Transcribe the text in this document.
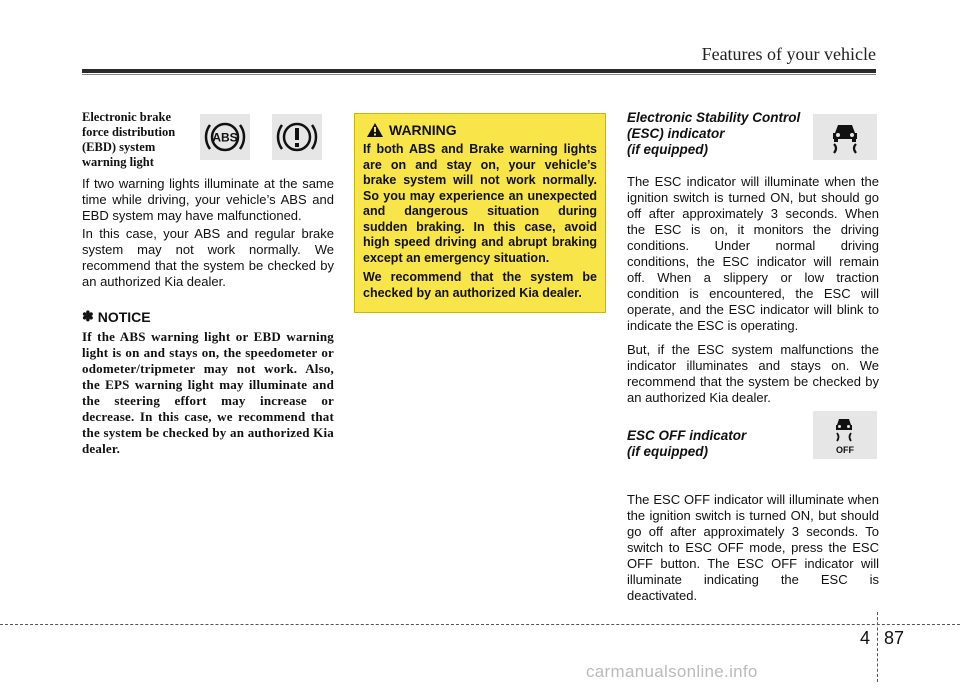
Features of your vehicle
Electronic brake
force distribution
(EBD) system
warning light
ABS

If two warning lights illuminate at the same time while driving, your vehicle’s ABS and EBD system may have malfunctioned.

In this case, your ABS and regular brake system may not work normally. We recommend that the system be checked by an authorized Kia dealer.

✽ NOTICE
If the ABS warning light or EBD warning light is on and stays on, the speedometer or odometer/tripmeter may not work. Also, the EPS warning light may illuminate and the steering effort may increase or decrease. In this case, we recommend that the system be checked by an authorized Kia dealer.
WARNING

If both ABS and Brake warning lights are on and stay on, your vehicle’s brake system will not work normally. So you may experience an unexpected and dangerous situation during sudden braking. In this case, avoid high speed driving and abrupt braking except an emergency situation.

We recommend that the system be checked by an authorized Kia dealer.

Electronic Stability Control
(ESC) indicator
(if equipped)

The ESC indicator will illuminate when the ignition switch is turned ON, but should go off after approximately 3 seconds. When the ESC is on, it monitors the driving conditions. Under normal driving conditions, the ESC indicator will remain off. When a slippery or low traction condition is encountered, the ESC will operate, and the ESC indicator will blink to indicate the ESC is operating.

But, if the ESC system malfunctions the indicator illuminates and stays on. We recommend that the system be checked by an authorized Kia dealer.

ESC OFF indicator
(if equipped)	OFF

The ESC OFF indicator will illuminate when the ignition switch is turned ON, but should go off after approximately 3 seconds. To switch to ESC OFF mode, press the ESC OFF button. The ESC OFF indicator will illuminate indicating the ESC is deactivated.

4 87
carmanualsonline.info
